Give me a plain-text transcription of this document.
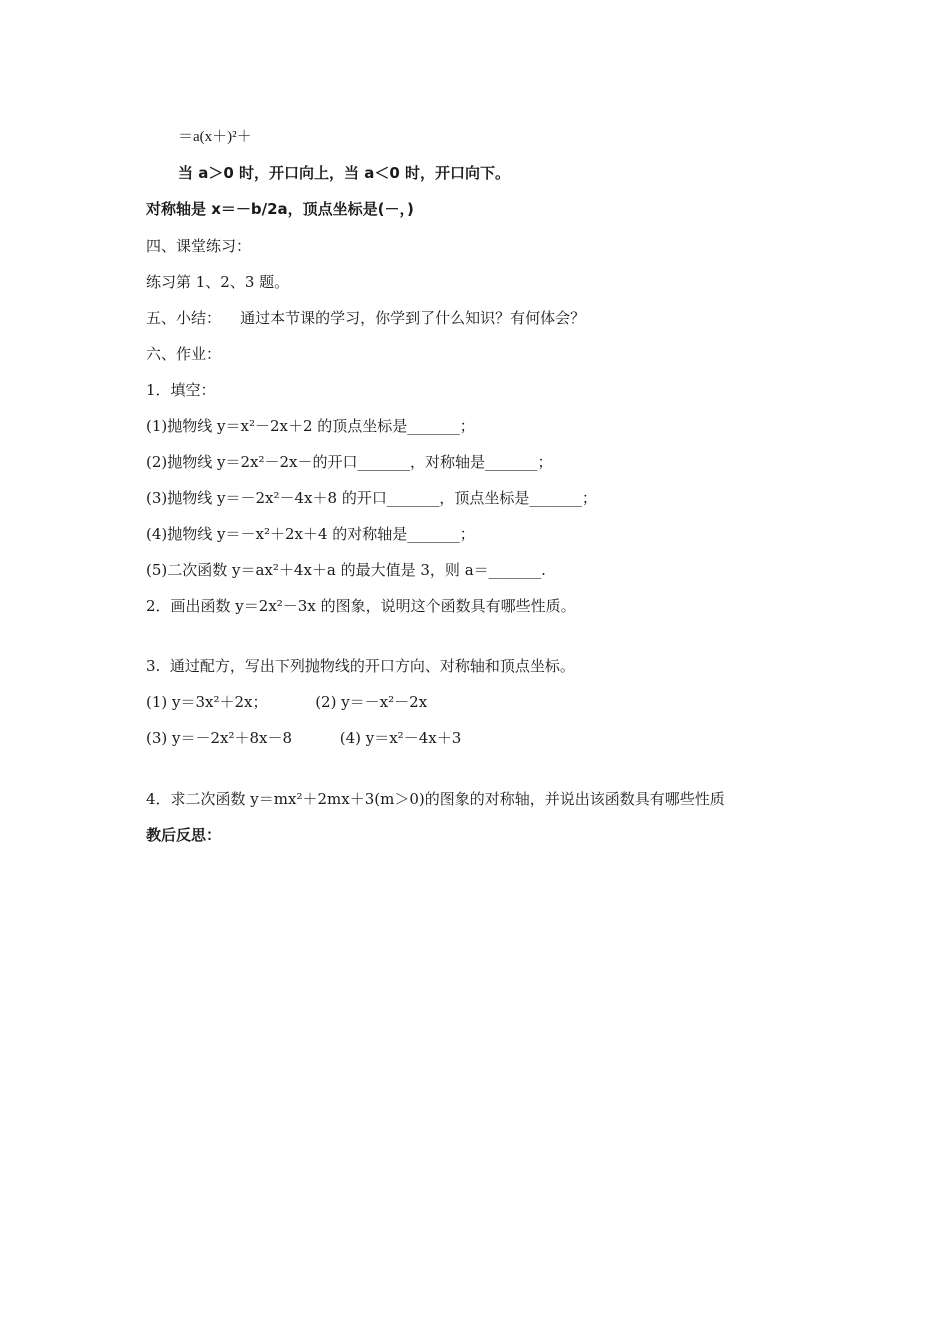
＝a(x＋)²＋
当 a＞0 时，开口向上，当 a＜0 时，开口向下。
对称轴是 x＝－b/2a，顶点坐标是(－，)
四、课堂练习：
练习第 1、2、3 题。
五、小结：    通过本节课的学习，你学到了什么知识？有何体会？
六、作业：
1．填空：
(1)抛物线 y＝x²－2x＋2 的顶点坐标是_______；
(2)抛物线 y＝2x²－2x－的开口_______，对称轴是_______；
(3)抛物线 y＝－2x²－4x＋8 的开口_______，顶点坐标是_______；
(4)抛物线 y＝－x²＋2x＋4 的对称轴是_______；
(5)二次函数 y＝ax²＋4x＋a 的最大值是 3，则 a＝_______.
2．画出函数 y＝2x²－3x 的图象，说明这个函数具有哪些性质。
3.  通过配方，写出下列抛物线的开口方向、对称轴和顶点坐标。
(1) y＝3x²＋2x；          (2) y＝－x²－2x
(3) y＝－2x²＋8x－8          (4) y＝x²－4x＋3
4．求二次函数 y＝mx²＋2mx＋3(m＞0)的图象的对称轴，并说出该函数具有哪些性质
教后反思：
